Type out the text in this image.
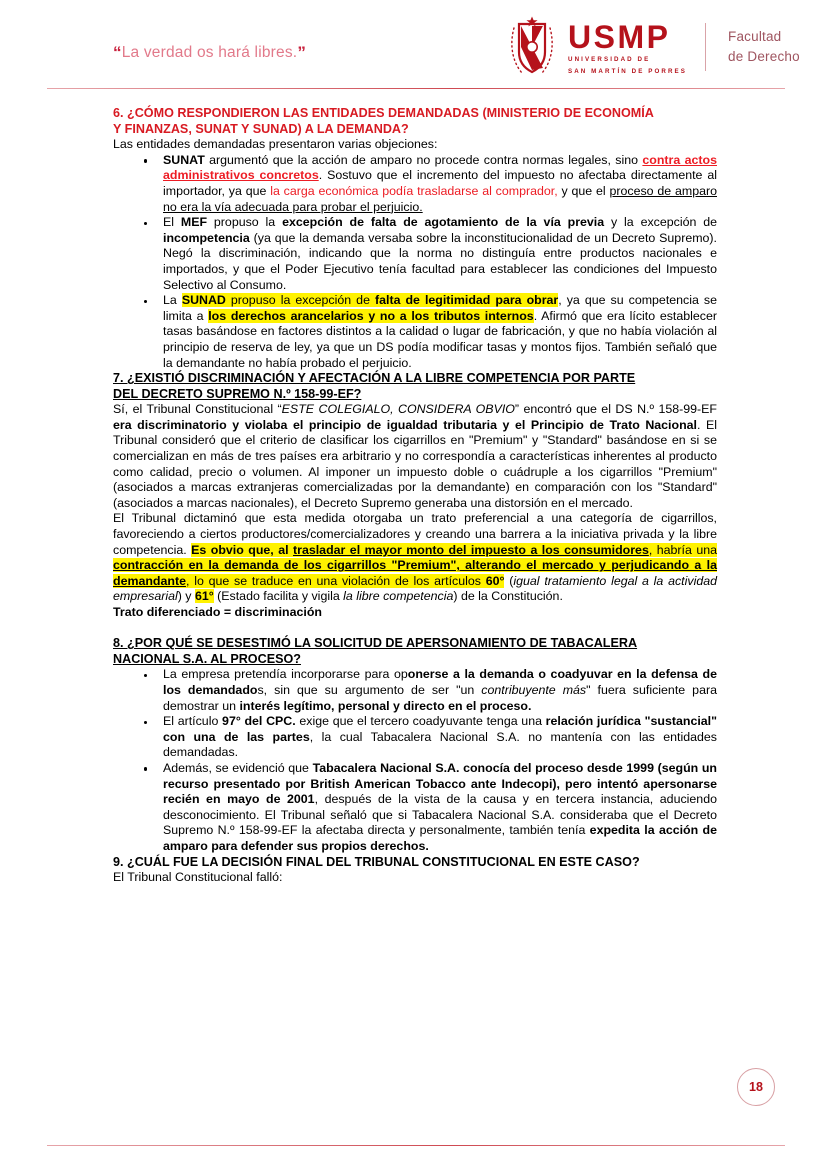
“La verdad os hará libres.”	USMP
UNIVERSIDAD DE
SAN MARTÍN DE PORRES
Facultad
de Derecho
6. ¿CÓMO RESPONDIERON LAS ENTIDADES DEMANDADAS (MINISTERIO DE ECONOMÍA
Y FINANZAS, SUNAT Y SUNAD) A LA DEMANDA?

Las entidades demandadas presentaron varias objeciones:

SUNAT argumentó que la acción de amparo no procede contra normas legales, sino contra actos administrativos concretos. Sostuvo que el incremento del impuesto no afectaba directamente al importador, ya que la carga económica podía trasladarse al comprador, y que el proceso de amparo no era la vía adecuada para probar el perjuicio.
El MEF propuso la excepción de falta de agotamiento de la vía previa y la excepción de incompetencia (ya que la demanda versaba sobre la inconstitucionalidad de un Decreto Supremo). Negó la discriminación, indicando que la norma no distinguía entre productos nacionales e importados, y que el Poder Ejecutivo tenía facultad para establecer las condiciones del Impuesto Selectivo al Consumo.
La SUNAD propuso la excepción de falta de legitimidad para obrar, ya que su competencia se limita a los derechos arancelarios y no a los tributos internos. Afirmó que era lícito establecer tasas basándose en factores distintos a la calidad o lugar de fabricación, y que no había violación al principio de reserva de ley, ya que un DS podía modificar tasas y montos fijos. También señaló que la demandante no había probado el perjuicio.
7. ¿EXISTIÓ DISCRIMINACIÓN Y AFECTACIÓN A LA LIBRE COMPETENCIA POR PARTE
DEL DECRETO SUPREMO N.º 158-99-EF?

Sí, el Tribunal Constitucional “ESTE COLEGIALO, CONSIDERA OBVIO” encontró que el DS N.º 158-99-EF era discriminatorio y violaba el principio de igualdad tributaria y el Principio de Trato Nacional. El Tribunal consideró que el criterio de clasificar los cigarrillos en "Premium" y "Standard" basándose en si se comercializan en más de tres países era arbitrario y no correspondía a características inherentes al producto como calidad, precio o volumen. Al imponer un impuesto doble o cuádruple a los cigarrillos "Premium" (asociados a marcas extranjeras comercializadas por la demandante) en comparación con los "Standard" (asociados a marcas nacionales), el Decreto Supremo generaba una distorsión en el mercado.

El Tribunal dictaminó que esta medida otorgaba un trato preferencial a una categoría de cigarrillos, favoreciendo a ciertos productores/comercializadores y creando una barrera a la iniciativa privada y la libre competencia. Es obvio que, al trasladar el mayor monto del impuesto a los consumidores, habría una contracción en la demanda de los cigarrillos "Premium", alterando el mercado y perjudicando a la demandante, lo que se traduce en una violación de los artículos 60° (igual tratamiento legal a la actividad empresarial) y 61° (Estado facilita y vigila la libre competencia) de la Constitución.

Trato diferenciado = discriminación

8. ¿POR QUÉ SE DESESTIMÓ LA SOLICITUD DE APERSONAMIENTO DE TABACALERA
NACIONAL S.A. AL PROCESO?
La empresa pretendía incorporarse para oponerse a la demanda o coadyuvar en la defensa de los demandados, sin que su argumento de ser "un contribuyente más" fuera suficiente para demostrar un interés legítimo, personal y directo en el proceso.
El artículo 97° del CPC. exige que el tercero coadyuvante tenga una relación jurídica "sustancial" con una de las partes, la cual Tabacalera Nacional S.A. no mantenía con las entidades demandadas.
Además, se evidenció que Tabacalera Nacional S.A. conocía del proceso desde 1999 (según un recurso presentado por British American Tobacco ante Indecopi), pero intentó apersonarse recién en mayo de 2001, después de la vista de la causa y en tercera instancia, aduciendo desconocimiento. El Tribunal señaló que si Tabacalera Nacional S.A. consideraba que el Decreto Supremo N.º 158-99-EF la afectaba directa y personalmente, también tenía expedita la acción de amparo para defender sus propios derechos.
9. ¿CUÁL FUE LA DECISIÓN FINAL DEL TRIBUNAL CONSTITUCIONAL EN ESTE CASO?

El Tribunal Constitucional falló:

18
